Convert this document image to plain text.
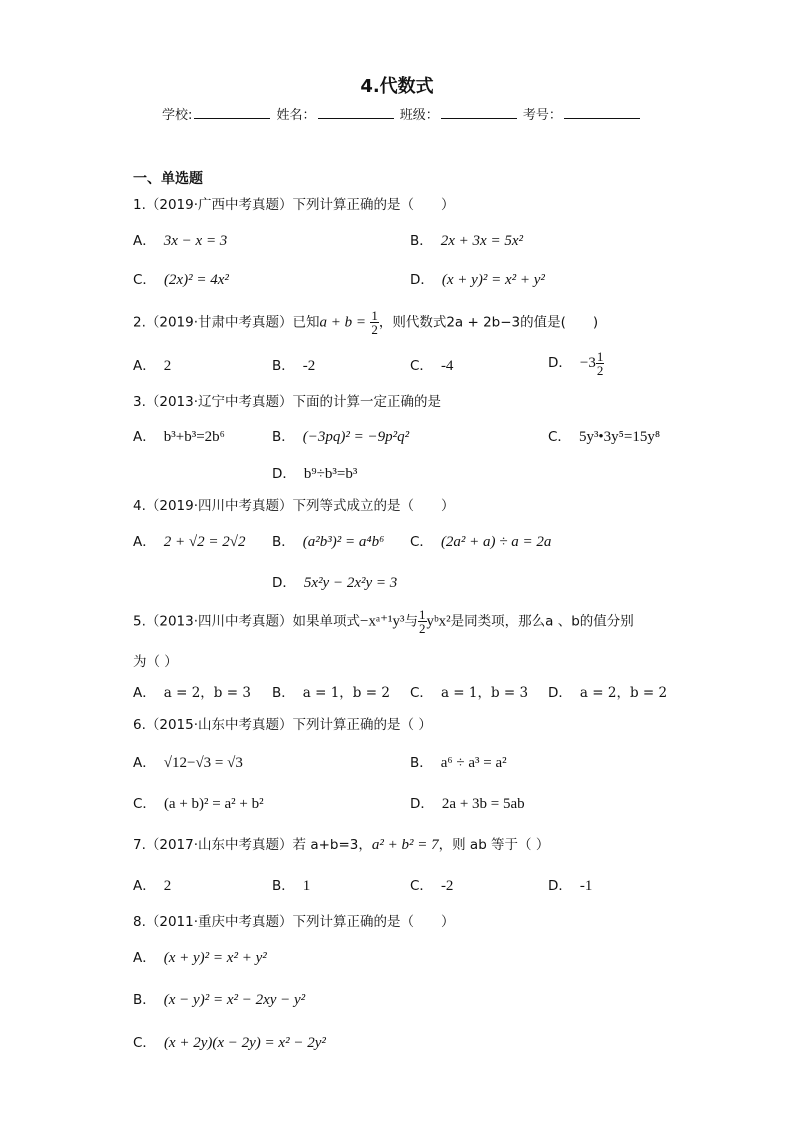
4.代数式
学校:	姓名：	班级：	考号：
一、单选题
1.（2019·广西中考真题）下列计算正确的是（　　）
A． 3x − x = 3	B． 2x + 3x = 5x²
C． (2x)² = 4x²	D． (x + y)² = x² + y²
2.（2019·甘肃中考真题）已知$a + b = \frac{1}{2}$ ，则代数式2a + 2b−3的值是(　　)
A． 2	B． -2	C． -4	D． $-3 \frac{1}{2}$
3.（2013·辽宁中考真题）下面的计算一定正确的是
A． b³+b³=2b⁶	B． (−3pq)² = −9p²q²	C． 5y³•3y⁵=15y⁸
D． b⁹÷b³=b³
4.（2019·四川中考真题）下列等式成立的是（　　）
A． 2 + √2 = 2√2 B． (a²b³)² = a⁴b⁶ C． (2a² + a) ÷ a = 2a
D． 5x²y − 2x²y = 3
5.（2013·四川中考真题）如果单项式−xᵃ⁺¹y³与 $\frac{1}{2}$ yᵇx²是同类项，那么a 、b的值分别
为（ ）
A． a = 2，b = 3 B． a = 1，b = 2 C． a = 1，b = 3 D． a = 2，b = 2
6.（2015·山东中考真题）下列计算正确的是（ ）
A． √12−√3 = √3	B． a⁶ ÷ a³ = a²
C． (a + b)² = a² + b²	D． 2a + 3b = 5ab
7.（2017·山东中考真题）若 a+b=3，a² + b² = 7，则 ab 等于（ ）
A． 2	B． 1	C． -2	D． -1
8.（2011·重庆中考真题）下列计算正确的是（　　）
A． (x + y)² = x² + y²
B． (x − y)² = x² − 2xy − y²
C． (x + 2y)(x − 2y) = x² − 2y²
